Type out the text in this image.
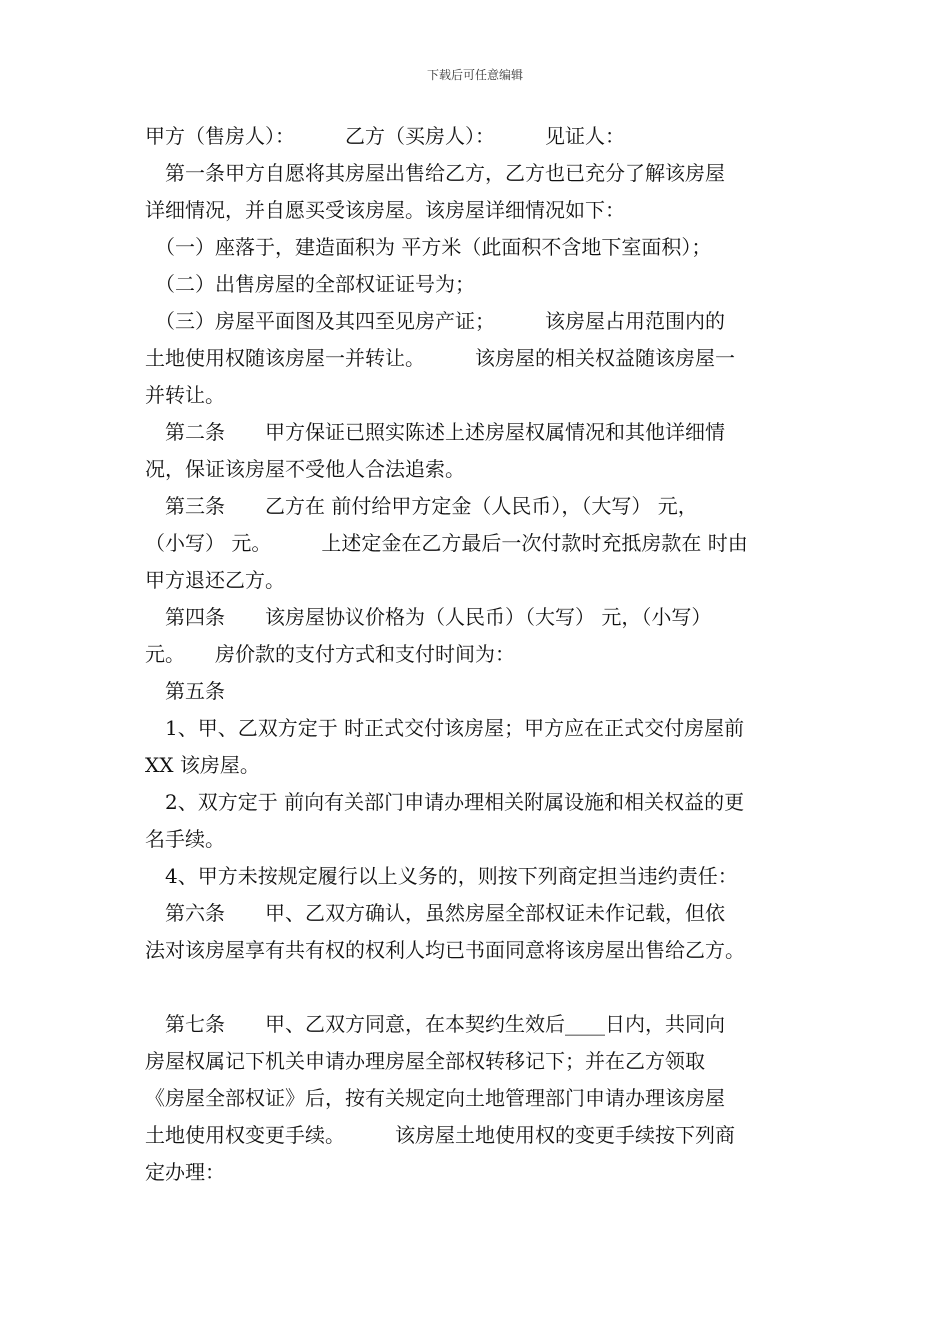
下载后可任意编辑

甲方（售房人）：　　　乙方（买房人）：　　　见证人：

　第一条甲方自愿将其房屋出售给乙方，乙方也已充分了解该房屋

详细情况，并自愿买受该房屋。该房屋详细情况如下：

　（一）座落于，建造面积为 平方米（此面积不含地下室面积）；

　（二）出售房屋的全部权证证号为；

　（三）房屋平面图及其四至见房产证；　　　该房屋占用范围内的

土地使用权随该房屋一并转让。　　　该房屋的相关权益随该房屋一

并转让。

　第二条　　甲方保证已照实陈述上述房屋权属情况和其他详细情

况，保证该房屋不受他人合法追索。

　第三条　　乙方在 前付给甲方定金（人民币），（大写） 元，

（小写） 元。　　　上述定金在乙方最后一次付款时充抵房款在 时由

甲方退还乙方。

　第四条　　该房屋协议价格为（人民币）（大写） 元，（小写）

元。　　房价款的支付方式和支付时间为：

　第五条

　1、甲、乙双方定于 时正式交付该房屋；甲方应在正式交付房屋前

XX 该房屋。

　2、双方定于 前向有关部门申请办理相关附属设施和相关权益的更

名手续。

　4、甲方未按规定履行以上义务的，则按下列商定担当违约责任：

　第六条　　甲、乙双方确认，虽然房屋全部权证未作记载，但依

法对该房屋享有共有权的权利人均已书面同意将该房屋出售给乙方。

　第七条　　甲、乙双方同意，在本契约生效后____日内，共同向

房屋权属记下机关申请办理房屋全部权转移记下；并在乙方领取

《房屋全部权证》后，按有关规定向土地管理部门申请办理该房屋

土地使用权变更手续。　　　该房屋土地使用权的变更手续按下列商

定办理：
